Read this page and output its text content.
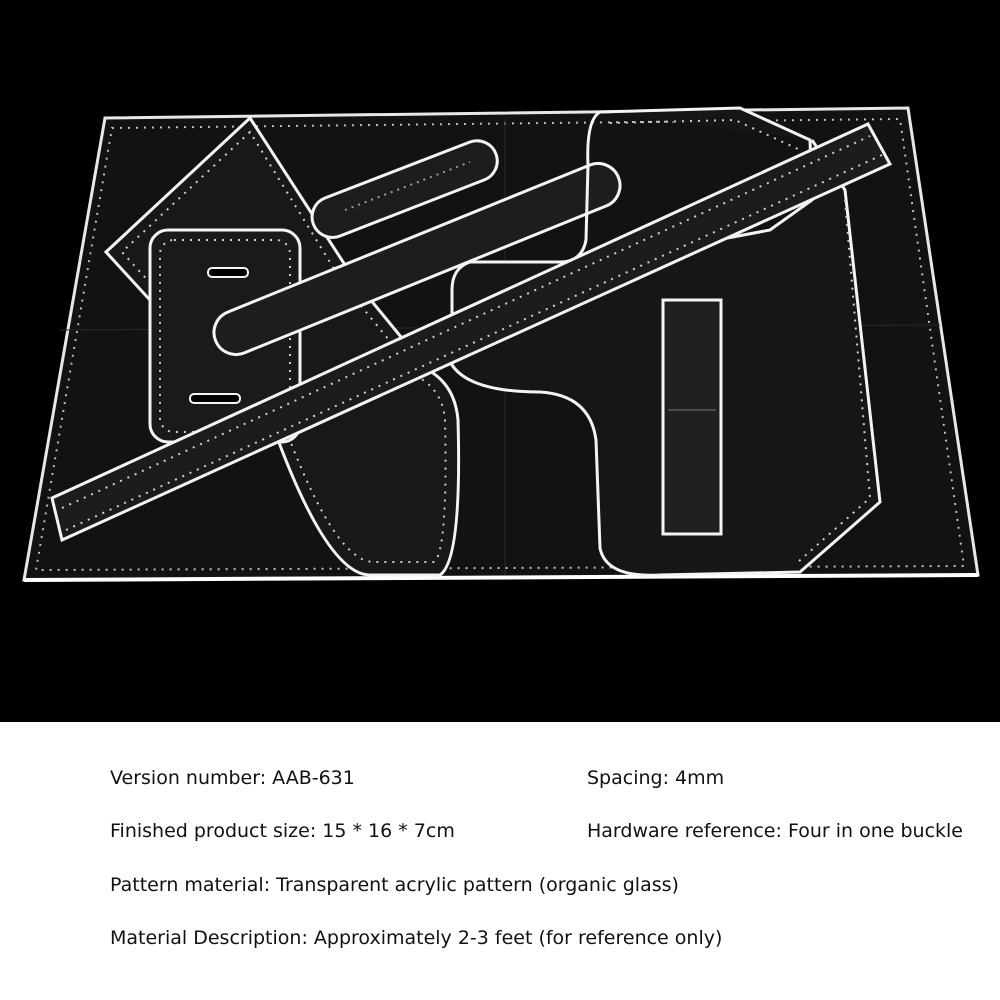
Version number: AAB-631	Spacing: 4mm
Finished product size: 15 * 16 * 7cm	Hardware reference: Four in one buckle
Pattern material: Transparent acrylic pattern (organic glass)
Material Description: Approximately 2-3 feet (for reference only)
